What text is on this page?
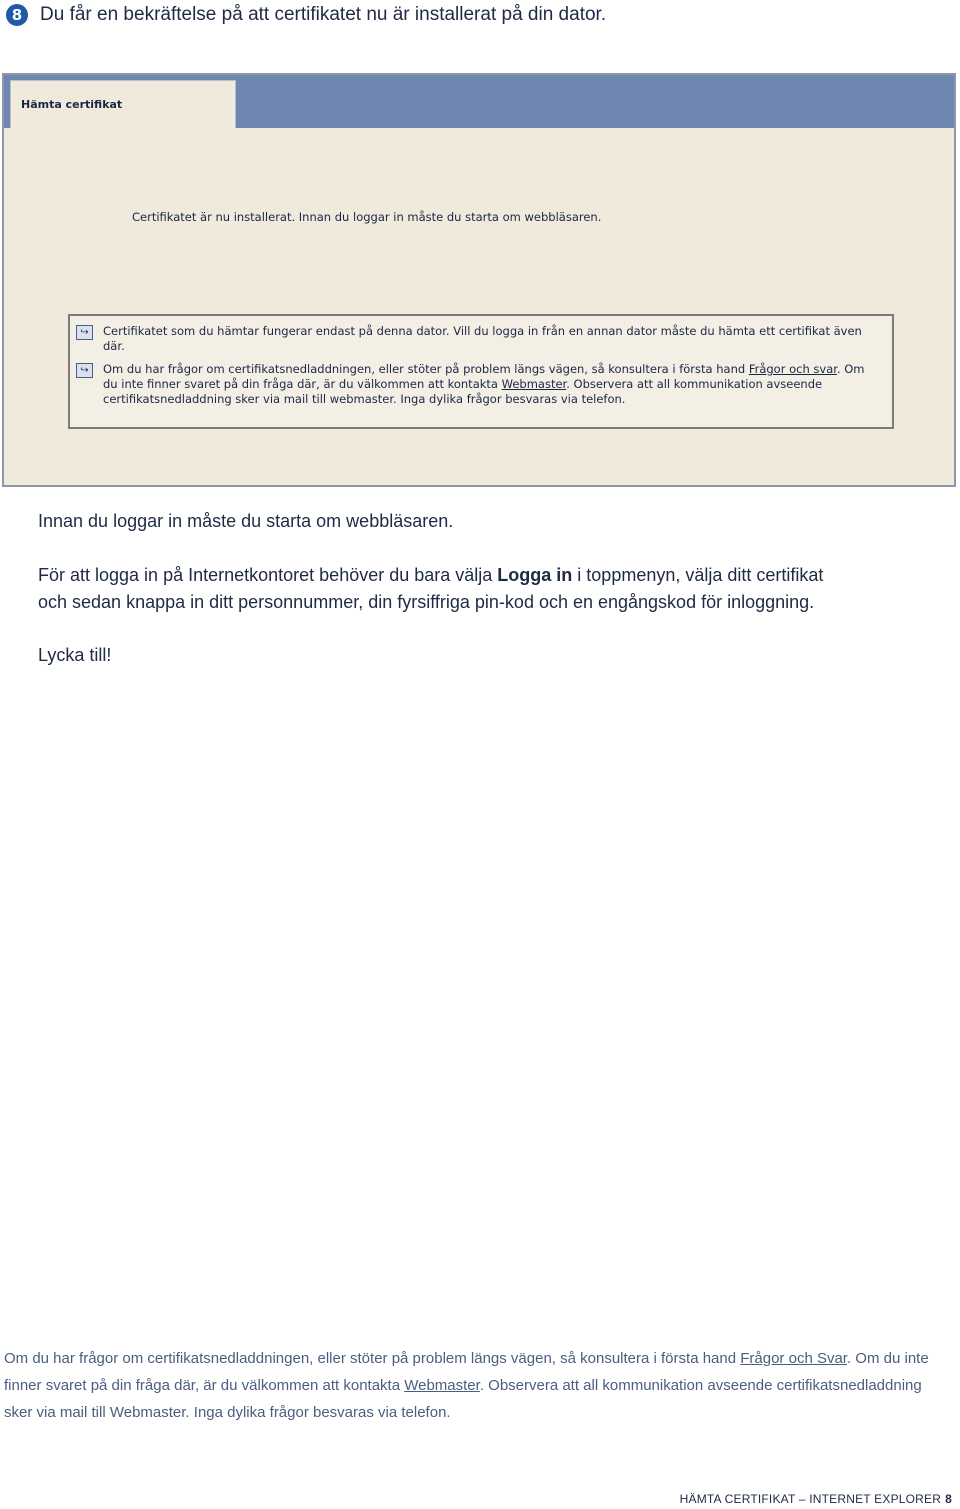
8 Du får en bekräftelse på att certifikatet nu är installerat på din dator.
Hämta certifikat
Certifikatet är nu installerat. Innan du loggar in måste du starta om webbläsaren.
↪	Certifikatet som du hämtar fungerar endast på denna dator. Vill du logga in från en annan dator måste du hämta ett certifikat även där.
↪	Om du har frågor om certifikatsnedladdningen, eller stöter på problem längs vägen, så konsultera i första hand Frågor och svar. Om du inte finner svaret på din fråga där, är du välkommen att kontakta Webmaster. Observera att all kommunikation avseende certifikatsnedladdning sker via mail till webmaster. Inga dylika frågor besvaras via telefon.
Innan du loggar in måste du starta om webbläsaren.
För att logga in på Internetkontoret behöver du bara välja Logga in i toppmenyn, välja ditt certifikat
och sedan knappa in ditt personnummer, din fyrsiffriga pin-kod och en engångskod för inloggning.
Lycka till!
Om du har frågor om certifikatsnedladdningen, eller stöter på problem längs vägen, så konsultera i första hand Frågor och Svar. Om du inte finner svaret på din fråga där, är du välkommen att kontakta Webmaster. Observera att all kommunikation avseende certifikatsnedladdning sker via mail till Webmaster. Inga dylika frågor besvaras via telefon.
HÄMTA CERTIFIKAT – INTERNET EXPLORER 8
